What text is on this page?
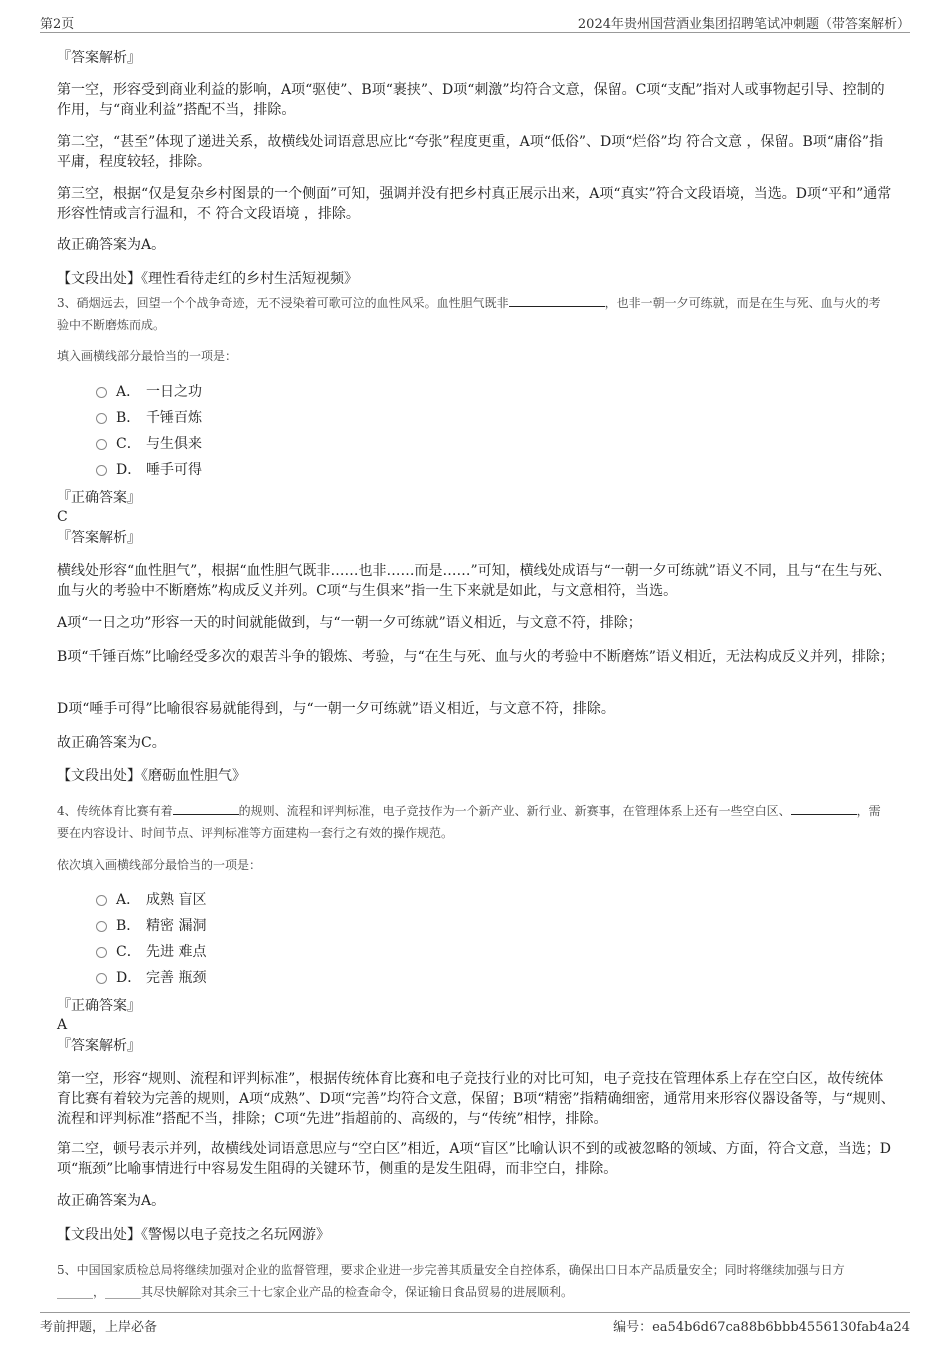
第2页	2024年贵州国营酒业集团招聘笔试冲刺题（带答案解析）

『答案解析』

第一空，形容受到商业利益的影响，A项“驱使”、B项“裹挟”、D项“刺激”均符合文意，保留。C项“支配”指对人或事物起引导、控制的作用，与“商业利益”搭配不当，排除。

第二空，“甚至”体现了递进关系，故横线处词语意思应比“夸张”程度更重，A项“低俗”、D项“烂俗”均 符合文意 ，保留。B项“庸俗”指平庸，程度较轻，排除。

第三空，根据“仅是复杂乡村图景的一个侧面”可知，强调并没有把乡村真正展示出来，A项“真实”符合文段语境，当选。D项“平和”通常形容性情或言行温和，不 符合文段语境 ，排除。

故正确答案为A。

【文段出处】《理性看待走红的乡村生活短视频》

3、硝烟远去，回望一个个战争奇迹，无不浸染着可歌可泣的血性风采。血性胆气既非	，也非一朝一夕可练就，而是在生与死、血与火的考验中不断磨炼而成。

填入画横线部分最恰当的一项是：

A． 一日之功
B． 千锤百炼
C． 与生俱来
D． 唾手可得

『正确答案』

C

『答案解析』

横线处形容“血性胆气”，根据“血性胆气既非……也非……而是……”可知，横线处成语与“一朝一夕可练就”语义不同，且与“在生与死、血与火的考验中不断磨炼”构成反义并列。C项“与生俱来”指一生下来就是如此，与文意相符，当选。

A项“一日之功”形容一天的时间就能做到，与“一朝一夕可练就”语义相近，与文意不符，排除；

B项“千锤百炼”比喻经受多次的艰苦斗争的锻炼、考验，与“在生与死、血与火的考验中不断磨炼”语义相近，无法构成反义并列，排除；

D项“唾手可得”比喻很容易就能得到，与“一朝一夕可练就”语义相近，与文意不符，排除。

故正确答案为C。

【文段出处】《磨砺血性胆气》

4、传统体育比赛有着	的规则、流程和评判标准，电子竞技作为一个新产业、新行业、新赛事，在管理体系上还有一些空白区、	，需要在内容设计、时间节点、评判标准等方面建构一套行之有效的操作规范。

依次填入画横线部分最恰当的一项是：

A． 成熟 盲区
B． 精密 漏洞
C． 先进 难点
D． 完善 瓶颈

『正确答案』

A

『答案解析』

第一空，形容“规则、流程和评判标准”，根据传统体育比赛和电子竞技行业的对比可知，电子竞技在管理体系上存在空白区，故传统体育比赛有着较为完善的规则，A项“成熟”、D项“完善”均符合文意，保留；B项“精密”指精确细密，通常用来形容仪器设备等，与“规则、流程和评判标准”搭配不当，排除；C项“先进”指超前的、高级的，与“传统”相悖，排除。

第二空，顿号表示并列，故横线处词语意思应与“空白区”相近，A项“盲区”比喻认识不到的或被忽略的领域、方面，符合文意，当选；D项“瓶颈”比喻事情进行中容易发生阻碍的关键环节，侧重的是发生阻碍，而非空白，排除。

故正确答案为A。

【文段出处】《警惕以电子竞技之名玩网游》

5、中国国家质检总局将继续加强对企业的监督管理，要求企业进一步完善其质量安全自控体系，确保出口日本产品质量安全；同时将继续加强与日方______，______其尽快解除对其余三十七家企业产品的检查命令，保证输日食品贸易的进展顺利。

考前押题，上岸必备	编号：ea54b6d67ca88b6bbb4556130fab4a24
